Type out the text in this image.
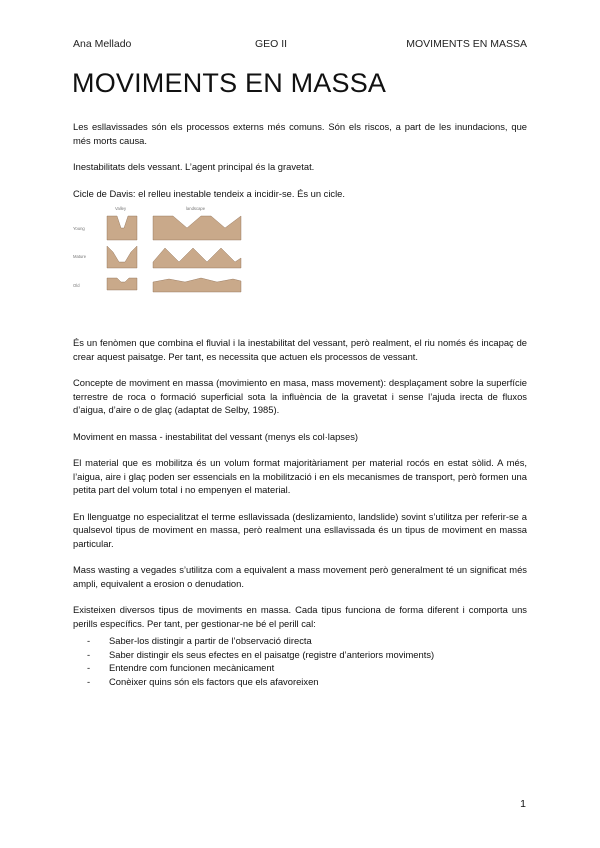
Ana Mellado	GEO II	MOVIMENTS EN MASSA
MOVIMENTS EN MASSA

Les esllavissades són els processos externs més comuns. Són els riscos, a part de les inundacions, que més morts causa.

Inestabilitats dels vessant. L’agent principal és la gravetat.

Cicle de Davis: el relleu inestable tendeix a incidir-se. És un cicle.

Valley	landscape
Young
Mature
Old

És un fenòmen que combina el fluvial i la inestabilitat del vessant, però realment, el riu només és incapaç de crear aquest paisatge. Per tant, es necessita que actuen els processos de vessant.

Concepte de moviment en massa (movimiento en masa, mass movement): desplaçament sobre la superfície terrestre de roca o formació superficial sota la influència de la gravetat i sense l’ajuda irecta de fluxos d’aigua, d’aire o de glaç (adaptat de Selby, 1985).

Moviment en massa - inestabilitat del vessant (menys els col·lapses)

El material que es mobilitza és un volum format majoritàriament per material rocós en estat sòlid. A més, l’aigua, aire i glaç poden ser essencials en la mobilització i en els mecanismes de transport, però formen una petita part del volum total i no empenyen el material.

En llenguatge no especialitzat el terme esllavissada (deslizamiento, landslide) sovint s’utilitza per referir-se a qualsevol tipus de moviment en massa, però realment una esllavissada és un tipus de moviment en massa particular.

Mass wasting a vegades s’utilitza com a equivalent a mass movement però generalment té un significat més ampli, equivalent a erosion o denudation.

Existeixen diversos tipus de moviments en massa. Cada tipus funciona de forma diferent i comporta uns perills específics. Per tant, per gestionar-ne bé el perill cal:

- Saber-los distingir a partir de l’observació directa
- Saber distingir els seus efectes en el paisatge (registre d’anteriors moviments)
- Entendre com funcionen mecànicament
- Conèixer quins són els factors que els afavoreixen
1
